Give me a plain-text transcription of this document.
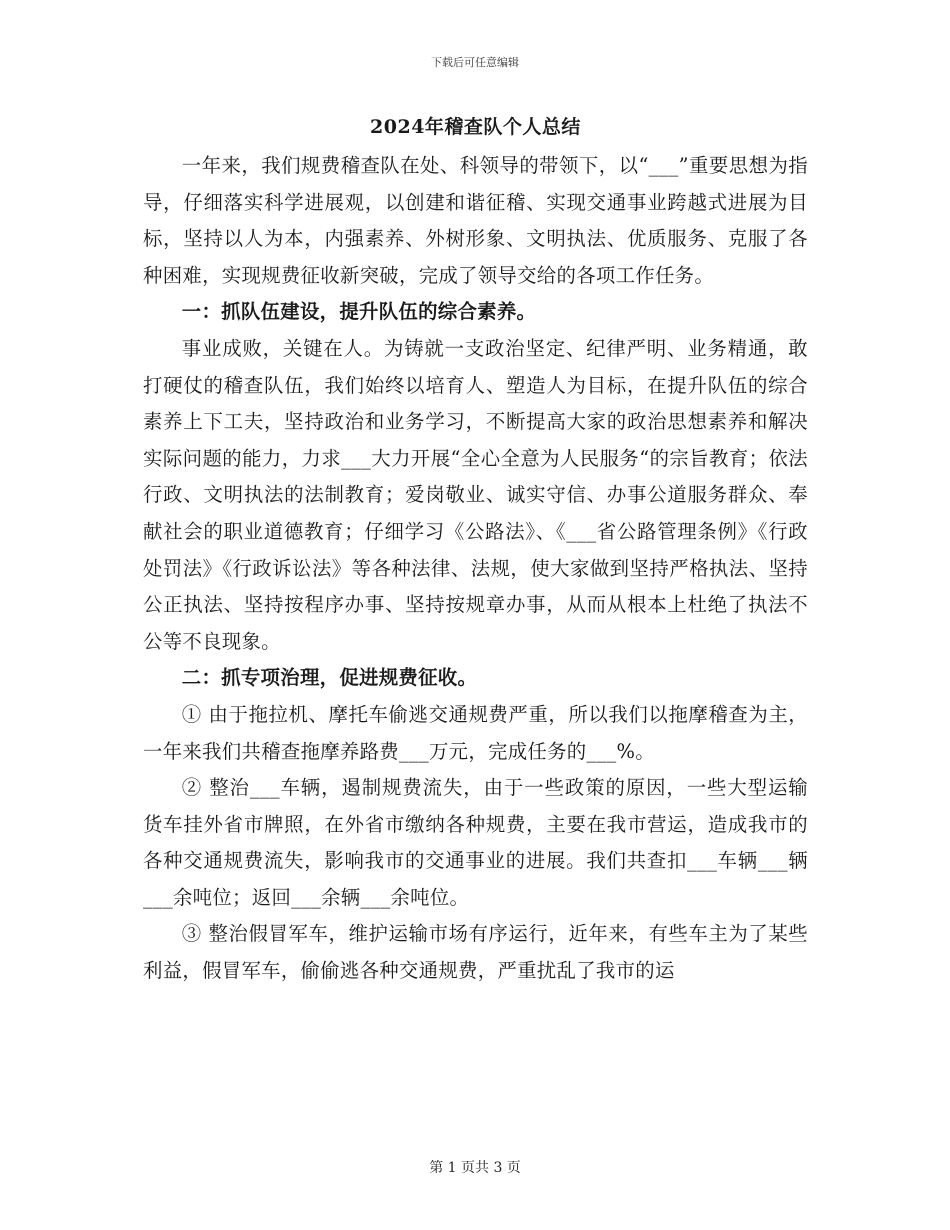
下载后可任意编辑
2024年稽查队个人总结

一年来，我们规费稽查队在处、科领导的带领下，以“___”重要思想为指导，仔细落实科学进展观，以创建和谐征稽、实现交通事业跨越式进展为目标，坚持以人为本，内强素养、外树形象、文明执法、优质服务、克服了各种困难，实现规费征收新突破，完成了领导交给的各项工作任务。

一：抓队伍建设，提升队伍的综合素养。

事业成败，关键在人。为铸就一支政治坚定、纪律严明、业务精通，敢打硬仗的稽查队伍，我们始终以培育人、塑造人为目标，在提升队伍的综合素养上下工夫，坚持政治和业务学习，不断提高大家的政治思想素养和解决实际问题的能力，力求___大力开展“全心全意为人民服务“的宗旨教育；依法行政、文明执法的法制教育；爱岗敬业、诚实守信、办事公道服务群众、奉献社会的职业道德教育；仔细学习《公路法》、《___省公路管理条例》《行政处罚法》《行政诉讼法》等各种法律、法规，使大家做到坚持严格执法、坚持公正执法、坚持按程序办事、坚持按规章办事，从而从根本上杜绝了执法不公等不良现象。

二：抓专项治理，促进规费征收。

① 由于拖拉机、摩托车偷逃交通规费严重，所以我们以拖摩稽查为主，一年来我们共稽查拖摩养路费___万元，完成任务的___%。

② 整治___车辆，遏制规费流失，由于一些政策的原因，一些大型运输货车挂外省市牌照，在外省市缴纳各种规费，主要在我市营运，造成我市的各种交通规费流失，影响我市的交通事业的进展。我们共查扣___车辆___辆___余吨位；返回___余辆___余吨位。

③ 整治假冒军车，维护运输市场有序运行，近年来，有些车主为了某些利益，假冒军车，偷偷逃各种交通规费，严重扰乱了我市的运

第 1 页共 3 页
